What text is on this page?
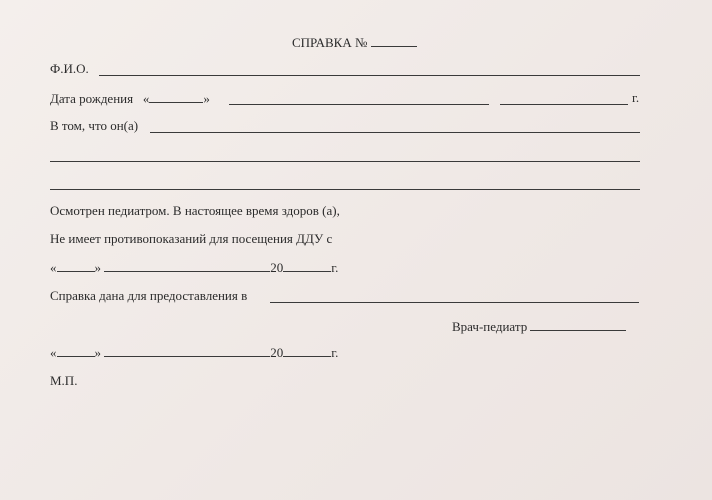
СПРАВКА №
Ф.И.О.
Дата рождения «	»	г.
В том, что он(а)
Осмотрен педиатром. В настоящее время здоров (а),
Не имеет противопоказаний для посещения ДДУ с
«	»	20	г.
Справка дана для предоставления в
Врач-педиатр
«	»	20	г.
М.П.
